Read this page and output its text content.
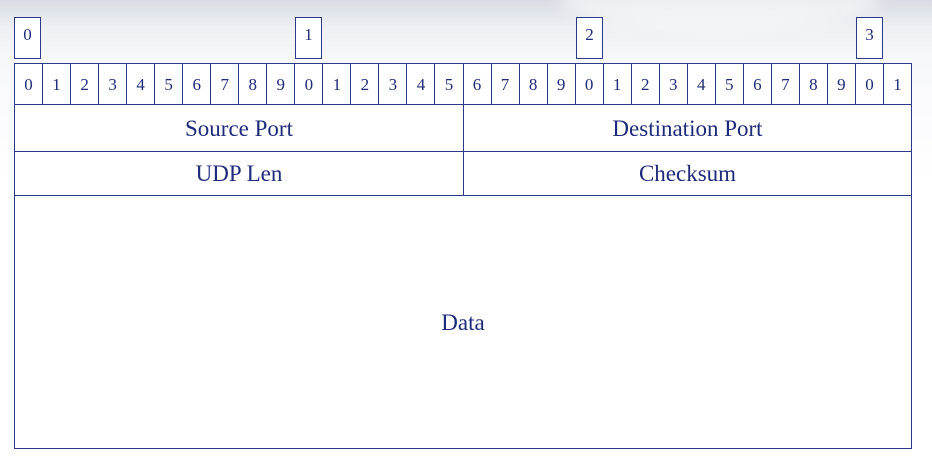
0	1	2	3
0	1	2	3	4	5	6	7	8	9	0	1	2	3	4	5	6	7	8	9	0	1	2	3	4	5	6	7	8	9	0	1
Source Port	Destination Port
UDP Len	Checksum
Data
